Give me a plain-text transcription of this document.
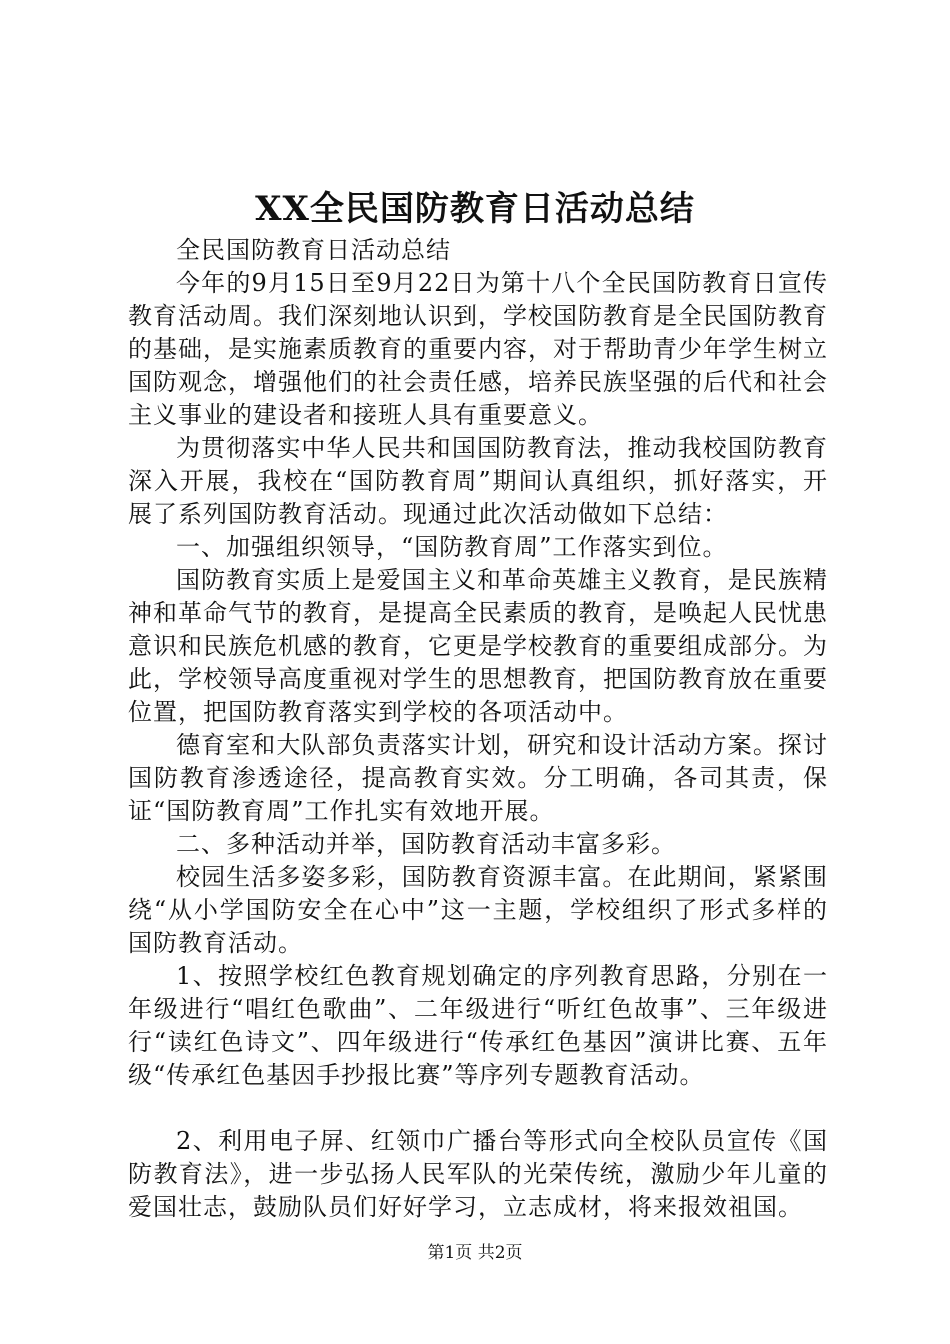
XX全民国防教育日活动总结

全民国防教育日活动总结

今年的9月15日至9月22日为第十八个全民国防教育日宣传教育活动周。我们深刻地认识到，学校国防教育是全民国防教育的基础，是实施素质教育的重要内容，对于帮助青少年学生树立国防观念，增强他们的社会责任感，培养民族坚强的后代和社会主义事业的建设者和接班人具有重要意义。

为贯彻落实中华人民共和国国防教育法，推动我校国防教育深入开展，我校在“国防教育周”期间认真组织，抓好落实，开展了系列国防教育活动。现通过此次活动做如下总结：

一、加强组织领导，“国防教育周”工作落实到位。

国防教育实质上是爱国主义和革命英雄主义教育，是民族精神和革命气节的教育，是提高全民素质的教育，是唤起人民忧患意识和民族危机感的教育，它更是学校教育的重要组成部分。为此，学校领导高度重视对学生的思想教育，把国防教育放在重要位置，把国防教育落实到学校的各项活动中。

德育室和大队部负责落实计划，研究和设计活动方案。探讨国防教育渗透途径，提高教育实效。分工明确，各司其责，保证“国防教育周”工作扎实有效地开展。

二、多种活动并举，国防教育活动丰富多彩。

校园生活多姿多彩，国防教育资源丰富。在此期间，紧紧围绕“从小学国防安全在心中”这一主题，学校组织了形式多样的国防教育活动。

1、按照学校红色教育规划确定的序列教育思路，分别在一年级进行“唱红色歌曲”、二年级进行“听红色故事”、三年级进行“读红色诗文”、四年级进行“传承红色基因”演讲比赛、五年级“传承红色基因手抄报比赛”等序列专题教育活动。

2、利用电子屏、红领巾广播台等形式向全校队员宣传《国防教育法》，进一步弘扬人民军队的光荣传统，激励少年儿童的爱国壮志，鼓励队员们好好学习，立志成材，将来报效祖国。

第1页 共2页
